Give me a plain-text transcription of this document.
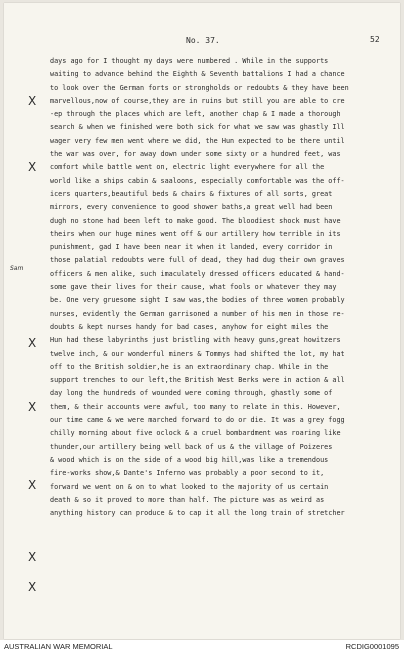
No. 37.	52
days ago for I thought my days were numbered . While in the supports
waiting to advance behind the Eighth & Seventh battalions I had a chance
to look over the German forts or strongholds or redoubts & they have been
marvellous,now of course,they are in ruins but still you are able to cre
-ep through the places which are left, another chap & I made a thorough
search & when we finished were both sick for what we saw was ghastly Ill
wager very few men went where we did, the Hun expected to be there until
the war was over, for away down under some sixty or a hundred feet, was
comfort while battle went on, electric light everywhere for all the
world like a ships cabin & saaloons, especially comfortable was the off-
icers quarters,beautiful beds & chairs & fixtures of all sorts, great
mirrors, every convenience to good shower baths,a great well had been
dugh no stone had been left to make good. The bloodiest shock must have
theirs when our huge mines went off & our artillery how terrible in its
punishment, gad I have been near it when it landed, every corridor in
those palatial redoubts were full of dead, they had dug their own graves
officers & men alike, such imaculately dressed officers educated & hand-
some gave their lives for their cause, what fools or whatever they may
be. One very gruesome sight I saw was,the bodies of three women probably
nurses, evidently the German garrisoned a number of his men in those re-
doubts & kept nurses handy for bad cases, anyhow for eight miles the
Hun had these labyrinths just bristling with heavy guns,great howitzers
twelve inch, & our wonderful miners & Tommys had shifted the lot, my hat
off to the British soldier,he is an extraordinary chap. While in the
support trenches to our left,the British West Berks were in action & all
day long the hundreds of wounded were coming through, ghastly some of
them, & their accounts were awful, too many to relate in this. However,
our time came & we were marched forward to do or die. It was a grey fogg
chilly morning about five oclock & a cruel bombardment was roaring like
thunder,our artillery being well back of us & the village of Poizeres
& wood which is on the side of a wood big hill,was like a tremendous
fire-works show,& Dante's Inferno was probably a poor second to it,
forward we went on & on to what looked to the majority of us certain
death & so it proved to more than half. The picture was as weird as
anything history can produce & to cap it all the long train of stretcher
Sam
X
X
X
X
X
X
X
AUSTRALIAN WAR MEMORIAL	RCDIG0001095
